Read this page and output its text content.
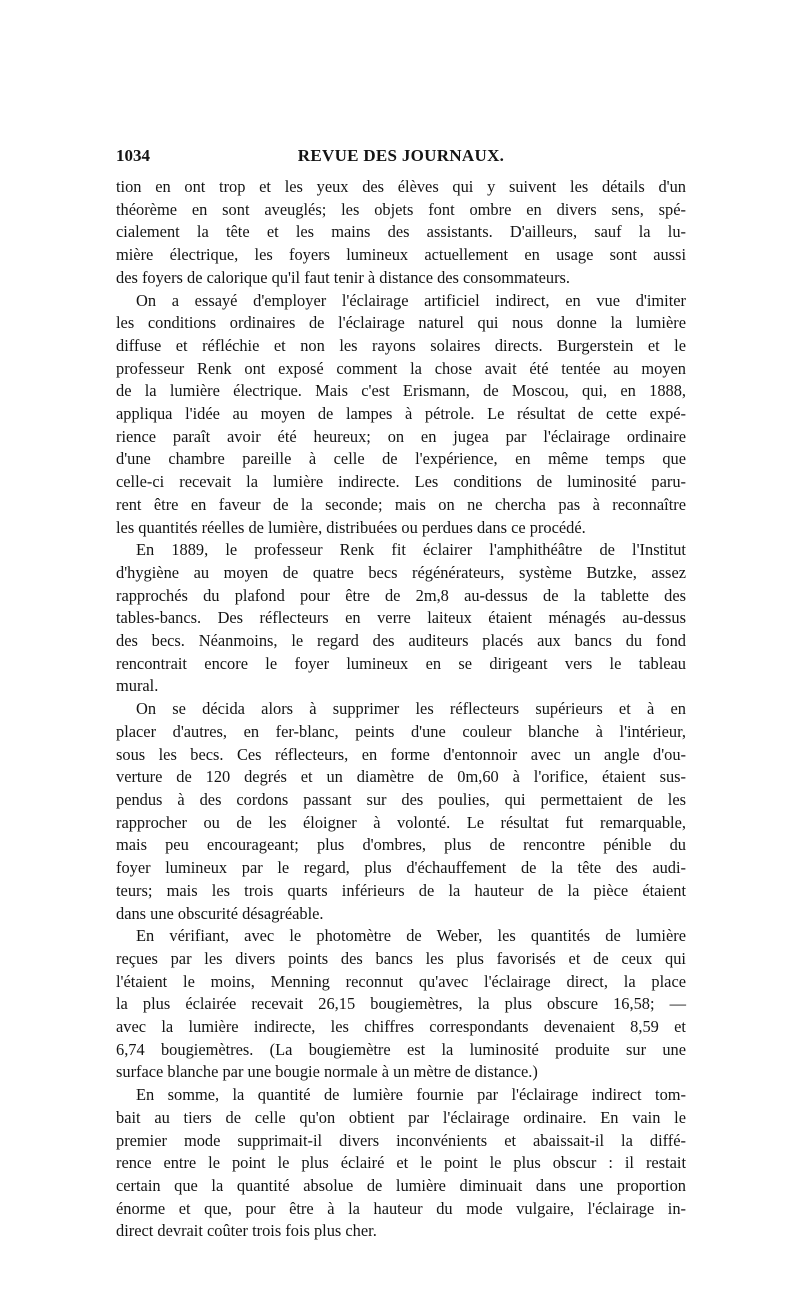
1034	REVUE DES JOURNAUX.

tion en ont trop et les yeux des élèves qui y suivent les détails d'un
théorème en sont aveuglés; les objets font ombre en divers sens, spé-
cialement la tête et les mains des assistants. D'ailleurs, sauf la lu-
mière électrique, les foyers lumineux actuellement en usage sont aussi
des foyers de calorique qu'il faut tenir à distance des consommateurs.

On a essayé d'employer l'éclairage artificiel indirect, en vue d'imiter
les conditions ordinaires de l'éclairage naturel qui nous donne la lumière
diffuse et réfléchie et non les rayons solaires directs. Burgerstein et le
professeur Renk ont exposé comment la chose avait été tentée au moyen
de la lumière électrique. Mais c'est Erismann, de Moscou, qui, en 1888,
appliqua l'idée au moyen de lampes à pétrole. Le résultat de cette expé-
rience paraît avoir été heureux; on en jugea par l'éclairage ordinaire
d'une chambre pareille à celle de l'expérience, en même temps que
celle-ci recevait la lumière indirecte. Les conditions de luminosité paru-
rent être en faveur de la seconde; mais on ne chercha pas à reconnaître
les quantités réelles de lumière, distribuées ou perdues dans ce procédé.

En 1889, le professeur Renk fit éclairer l'amphithéâtre de l'Institut
d'hygiène au moyen de quatre becs régénérateurs, système Butzke, assez
rapprochés du plafond pour être de 2m,8 au-dessus de la tablette des
tables-bancs. Des réflecteurs en verre laiteux étaient ménagés au-dessus
des becs. Néanmoins, le regard des auditeurs placés aux bancs du fond
rencontrait encore le foyer lumineux en se dirigeant vers le tableau
mural.

On se décida alors à supprimer les réflecteurs supérieurs et à en
placer d'autres, en fer-blanc, peints d'une couleur blanche à l'intérieur,
sous les becs. Ces réflecteurs, en forme d'entonnoir avec un angle d'ou-
verture de 120 degrés et un diamètre de 0m,60 à l'orifice, étaient sus-
pendus à des cordons passant sur des poulies, qui permettaient de les
rapprocher ou de les éloigner à volonté. Le résultat fut remarquable,
mais peu encourageant; plus d'ombres, plus de rencontre pénible du
foyer lumineux par le regard, plus d'échauffement de la tête des audi-
teurs; mais les trois quarts inférieurs de la hauteur de la pièce étaient
dans une obscurité désagréable.

En vérifiant, avec le photomètre de Weber, les quantités de lumière
reçues par les divers points des bancs les plus favorisés et de ceux qui
l'étaient le moins, Menning reconnut qu'avec l'éclairage direct, la place
la plus éclairée recevait 26,15 bougiemètres, la plus obscure 16,58; —
avec la lumière indirecte, les chiffres correspondants devenaient 8,59 et
6,74 bougiemètres. (La bougiemètre est la luminosité produite sur une
surface blanche par une bougie normale à un mètre de distance.)

En somme, la quantité de lumière fournie par l'éclairage indirect tom-
bait au tiers de celle qu'on obtient par l'éclairage ordinaire. En vain le
premier mode supprimait-il divers inconvénients et abaissait-il la diffé-
rence entre le point le plus éclairé et le point le plus obscur : il restait
certain que la quantité absolue de lumière diminuait dans une proportion
énorme et que, pour être à la hauteur du mode vulgaire, l'éclairage in-
direct devrait coûter trois fois plus cher.
